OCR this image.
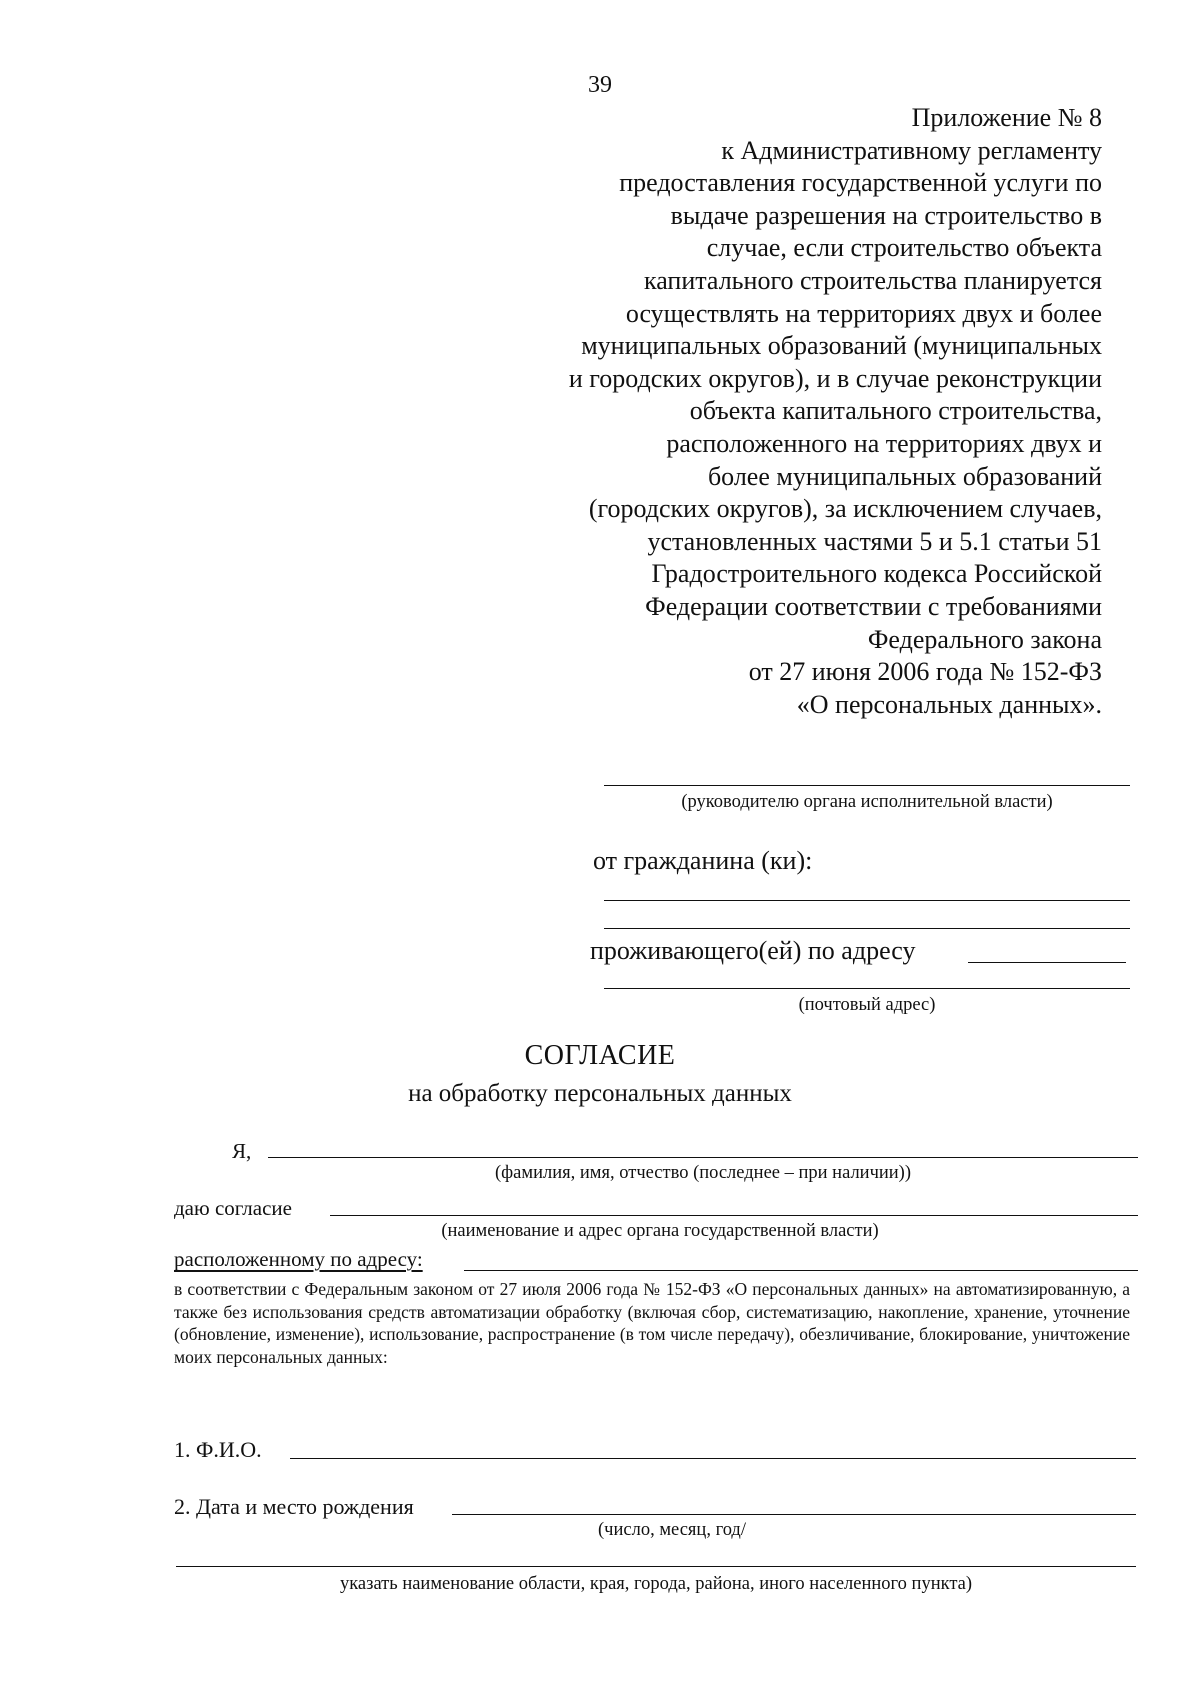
39
Приложение № 8
к Административному регламенту
предоставления государственной услуги по
выдаче разрешения на строительство в
случае, если строительство объекта
капитального строительства планируется
осуществлять на территориях двух и более
муниципальных образований (муниципальных
и городских округов), и в случае реконструкции
объекта капитального строительства,
расположенного на территориях двух и
более муниципальных образований
(городских округов), за исключением случаев,
установленных частями 5 и 5.1 статьи 51
Градостроительного кодекса Российской
Федерации соответствии с требованиями
Федерального закона
от 27 июня 2006 года № 152-ФЗ
«О персональных данных».
(руководителю органа исполнительной власти)
от гражданина (ки):
проживающего(ей) по адресу
(почтовый адрес)
СОГЛАСИЕ
на обработку персональных данных
Я,
(фамилия, имя, отчество (последнее – при наличии))
даю согласие
(наименование и адрес органа государственной власти)
расположенному по адресу:

в соответствии с Федеральным законом от 27 июля 2006 года № 152-ФЗ «О персональных данных» на автоматизированную, а также без использования средств автоматизации обработку (включая сбор, систематизацию, накопление, хранение, уточнение (обновление, изменение), использование, распространение (в том числе передачу), обезличивание, блокирование, уничтожение моих персональных данных:

1. Ф.И.О.
2. Дата и место рождения
(число, месяц, год/
указать наименование области, края, города, района, иного населенного пункта)
